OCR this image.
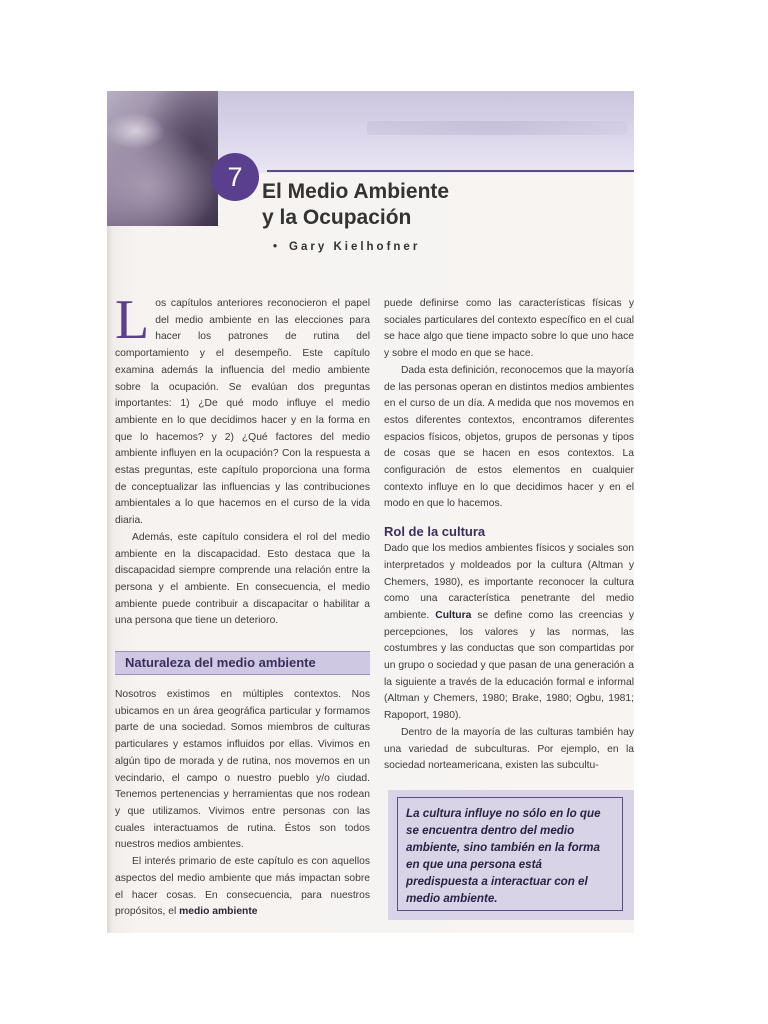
7 El Medio Ambiente
y la Ocupación
• Gary Kielhofner

Los capítulos anteriores reconocieron el papel del medio ambiente en las elecciones para hacer los patrones de rutina del comportamiento y el desempeño. Este capítulo examina además la influencia del medio ambiente sobre la ocupación. Se evalúan dos preguntas importantes: 1) ¿De qué modo influye el medio ambiente en lo que decidimos hacer y en la forma en que lo hacemos? y 2) ¿Qué factores del medio ambiente influyen en la ocupación? Con la respuesta a estas preguntas, este capítulo proporciona una forma de conceptualizar las influencias y las contribuciones ambientales a lo que hacemos en el curso de la vida diaria.

Además, este capítulo considera el rol del medio ambiente en la discapacidad. Esto destaca que la discapacidad siempre comprende una relación entre la persona y el ambiente. En consecuencia, el medio ambiente puede contribuir a discapacitar o habilitar a una persona que tiene un deterioro.

Naturaleza del medio ambiente

Nosotros existimos en múltiples contextos. Nos ubicamos en un área geográfica particular y formamos parte de una sociedad. Somos miembros de culturas particulares y estamos influidos por ellas. Vivimos en algún tipo de morada y de rutina, nos movemos en un vecindario, el campo o nuestro pueblo y/o ciudad. Tenemos pertenencias y herramientas que nos rodean y que utilizamos. Vivimos entre personas con las cuales interactuamos de rutina. Éstos son todos nuestros medios ambientes.

El interés primario de este capítulo es con aquellos aspectos del medio ambiente que más impactan sobre el hacer cosas. En consecuencia, para nuestros propósitos, el medio ambiente

puede definirse como las características físicas y sociales particulares del contexto específico en el cual se hace algo que tiene impacto sobre lo que uno hace y sobre el modo en que se hace.

Dada esta definición, reconocemos que la mayoría de las personas operan en distintos medios ambientes en el curso de un día. A medida que nos movemos en estos diferentes contextos, encontramos diferentes espacios físicos, objetos, grupos de personas y tipos de cosas que se hacen en esos contextos. La configuración de estos elementos en cualquier contexto influye en lo que decidimos hacer y en el modo en que lo hacemos.

Rol de la cultura

Dado que los medios ambientes físicos y sociales son interpretados y moldeados por la cultura (Altman y Chemers, 1980), es importante reconocer la cultura como una característica penetrante del medio ambiente. Cultura se define como las creencias y percepciones, los valores y las normas, las costumbres y las conductas que son compartidas por un grupo o sociedad y que pasan de una generación a la siguiente a través de la educación formal e informal (Altman y Chemers, 1980; Brake, 1980; Ogbu, 1981; Rapoport, 1980).

Dentro de la mayoría de las culturas también hay una variedad de subculturas. Por ejemplo, en la sociedad norteamericana, existen las subcultu-

La cultura influye no sólo en lo que se encuentra dentro del medio ambiente, sino también en la forma en que una persona está predispuesta a interactuar con el medio ambiente.
